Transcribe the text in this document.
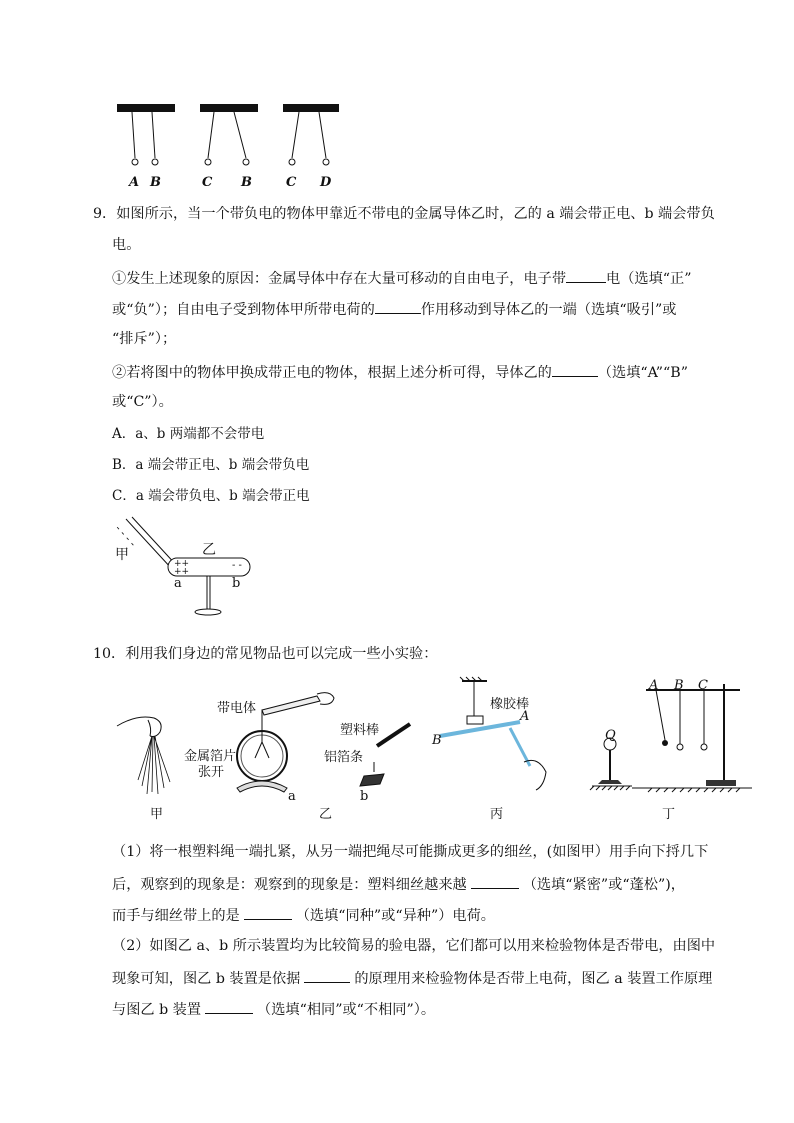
A B	C B	C D
9．如图所示，当一个带负电的物体甲靠近不带电的金属导体乙时，乙的 a 端会带正电、b 端会带负
电。
①发生上述现象的原因：金属导体中存在大量可移动的自由电子，电子带	电（选填“正”
或“负”）；自由电子受到物体甲所带电荷的	作用移动到导体乙的一端（选填“吸引”或
“排斥”）；
②若将图中的物体甲换成带正电的物体，根据上述分析可得，导体乙的	（选填“A”“B”
或“C”）。
A．a、b 两端都不会带电
B．a 端会带正电、b 端会带负电
C．a 端会带负电、b 端会带正电
甲	乙
- - - -
++ ++
- -
a	b
10．利用我们身边的常见物品也可以完成一些小实验：
带电体
金属箔片
张开
塑料棒
铝箔条
橡胶棒
A
B
a	b
Q
A B C
甲	乙	丙	丁
（1）将一根塑料绳一端扎紧，从另一端把绳尽可能撕成更多的细丝，(如图甲）用手向下捋几下
后，观察到的现象是：观察到的现象是：塑料细丝越来越	（选填“紧密”或“蓬松”)，
而手与细丝带上的是	（选填“同种”或“异种”）电荷。
（2）如图乙 a、b 所示装置均为比较简易的验电器，它们都可以用来检验物体是否带电，由图中
现象可知，图乙 b 装置是依据	的原理用来检验物体是否带上电荷，图乙 a 装置工作原理
与图乙 b 装置	（选填“相同”或“不相同”）。
